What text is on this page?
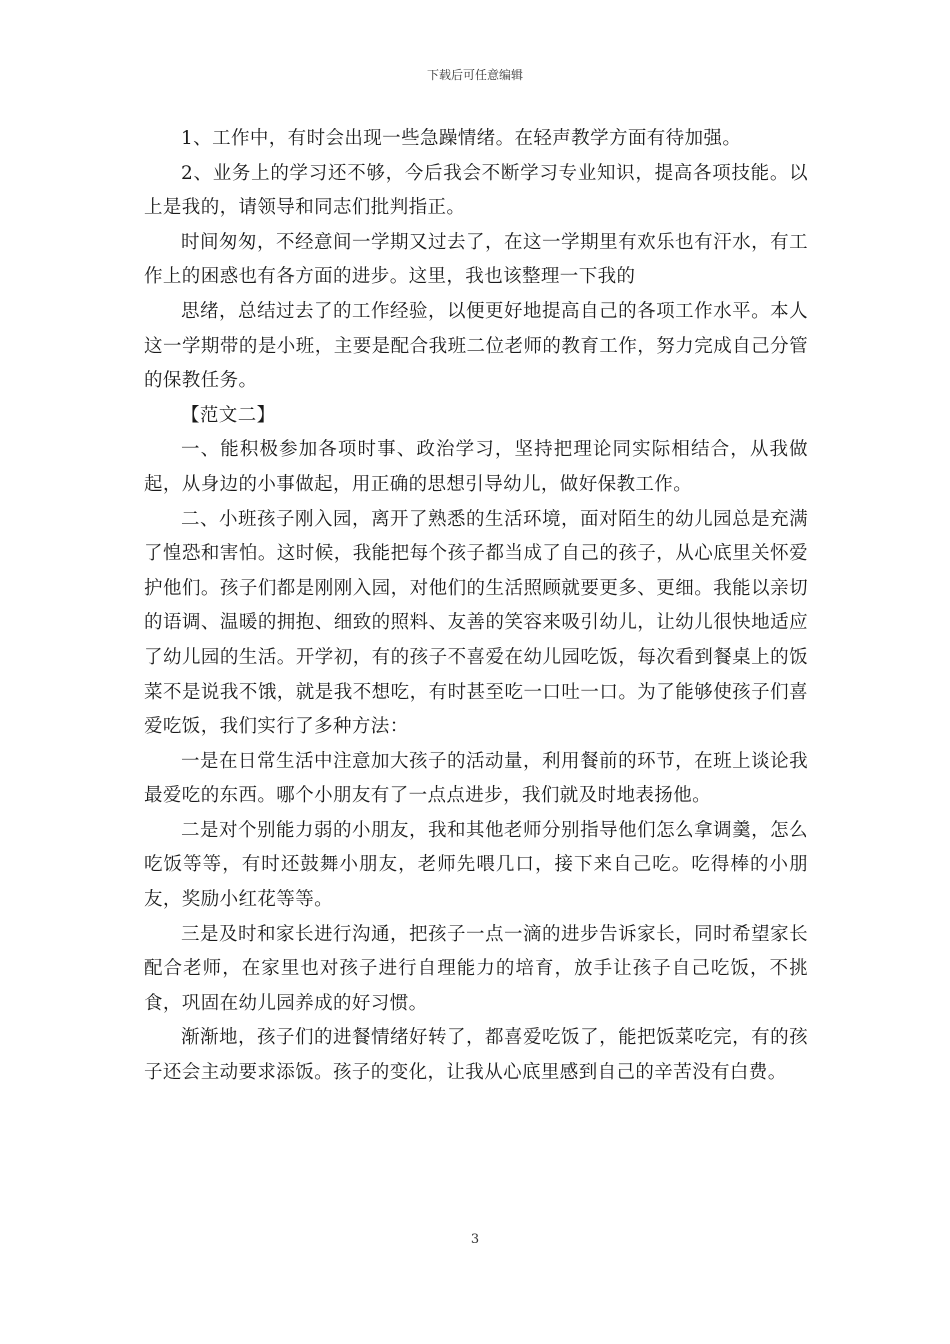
下载后可任意编辑

1、工作中，有时会出现一些急躁情绪。在轻声教学方面有待加强。

2、业务上的学习还不够，今后我会不断学习专业知识，提高各项技能。以上是我的，请领导和同志们批判指正。

时间匆匆，不经意间一学期又过去了，在这一学期里有欢乐也有汗水，有工作上的困惑也有各方面的进步。这里，我也该整理一下我的

思绪，总结过去了的工作经验，以便更好地提高自己的各项工作水平。本人这一学期带的是小班，主要是配合我班二位老师的教育工作，努力完成自己分管的保教任务。

【范文二】

一、能积极参加各项时事、政治学习，坚持把理论同实际相结合，从我做起，从身边的小事做起，用正确的思想引导幼儿，做好保教工作。

二、小班孩子刚入园，离开了熟悉的生活环境，面对陌生的幼儿园总是充满了惶恐和害怕。这时候，我能把每个孩子都当成了自己的孩子，从心底里关怀爱护他们。孩子们都是刚刚入园，对他们的生活照顾就要更多、更细。我能以亲切的语调、温暖的拥抱、细致的照料、友善的笑容来吸引幼儿，让幼儿很快地适应了幼儿园的生活。开学初，有的孩子不喜爱在幼儿园吃饭，每次看到餐桌上的饭菜不是说我不饿，就是我不想吃，有时甚至吃一口吐一口。为了能够使孩子们喜爱吃饭，我们实行了多种方法：

一是在日常生活中注意加大孩子的活动量，利用餐前的环节，在班上谈论我最爱吃的东西。哪个小朋友有了一点点进步，我们就及时地表扬他。

二是对个别能力弱的小朋友，我和其他老师分别指导他们怎么拿调羹，怎么吃饭等等，有时还鼓舞小朋友，老师先喂几口，接下来自己吃。吃得棒的小朋友，奖励小红花等等。

三是及时和家长进行沟通，把孩子一点一滴的进步告诉家长，同时希望家长配合老师，在家里也对孩子进行自理能力的培育，放手让孩子自己吃饭，不挑食，巩固在幼儿园养成的好习惯。

渐渐地，孩子们的进餐情绪好转了，都喜爱吃饭了，能把饭菜吃完，有的孩子还会主动要求添饭。孩子的变化，让我从心底里感到自己的辛苦没有白费。

3
